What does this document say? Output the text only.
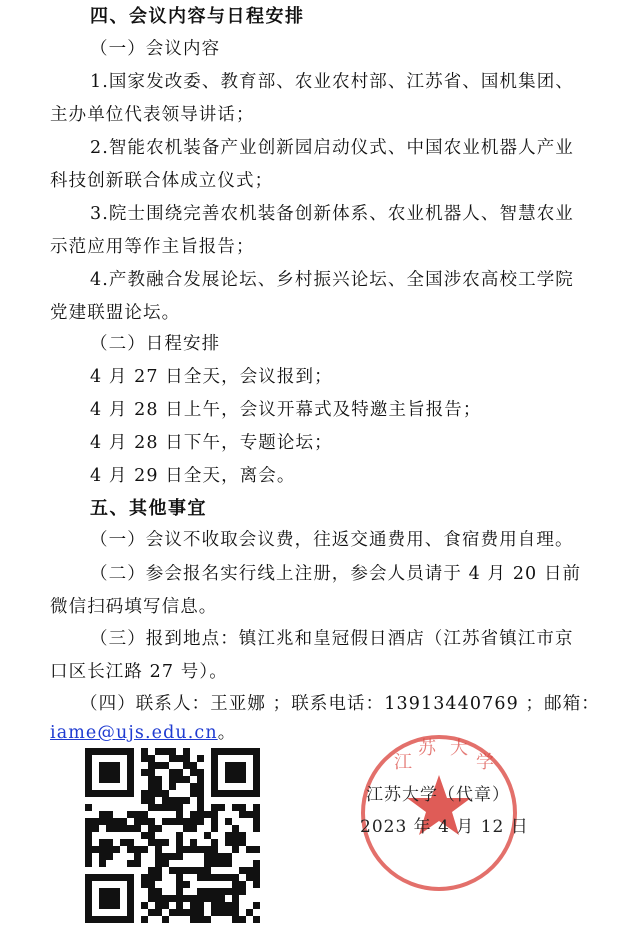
四、会议内容与日程安排
（一）会议内容
1.国家发改委、教育部、农业农村部、江苏省、国机集团、
主办单位代表领导讲话；
2.智能农机装备产业创新园启动仪式、中国农业机器人产业
科技创新联合体成立仪式；
3.院士围绕完善农机装备创新体系、农业机器人、智慧农业
示范应用等作主旨报告；
4.产教融合发展论坛、乡村振兴论坛、全国涉农高校工学院
党建联盟论坛。
（二）日程安排
4 月 27 日全天，会议报到；
4 月 28 日上午，会议开幕式及特邀主旨报告；
4 月 28 日下午，专题论坛；
4 月 29 日全天，离会。
五、其他事宜
（一）会议不收取会议费，往返交通费用、食宿费用自理。
（二）参会报名实行线上注册，参会人员请于 4 月 20 日前
微信扫码填写信息。
（三）报到地点：镇江兆和皇冠假日酒店（江苏省镇江市京
口区长江路 27 号）。
（四）联系人：王亚娜 ；联系电话：13913440769 ；邮箱：
iame@ujs.edu.cn。
江
苏 大
学
江苏大学（代章）
2023 年 4 月 12 日
